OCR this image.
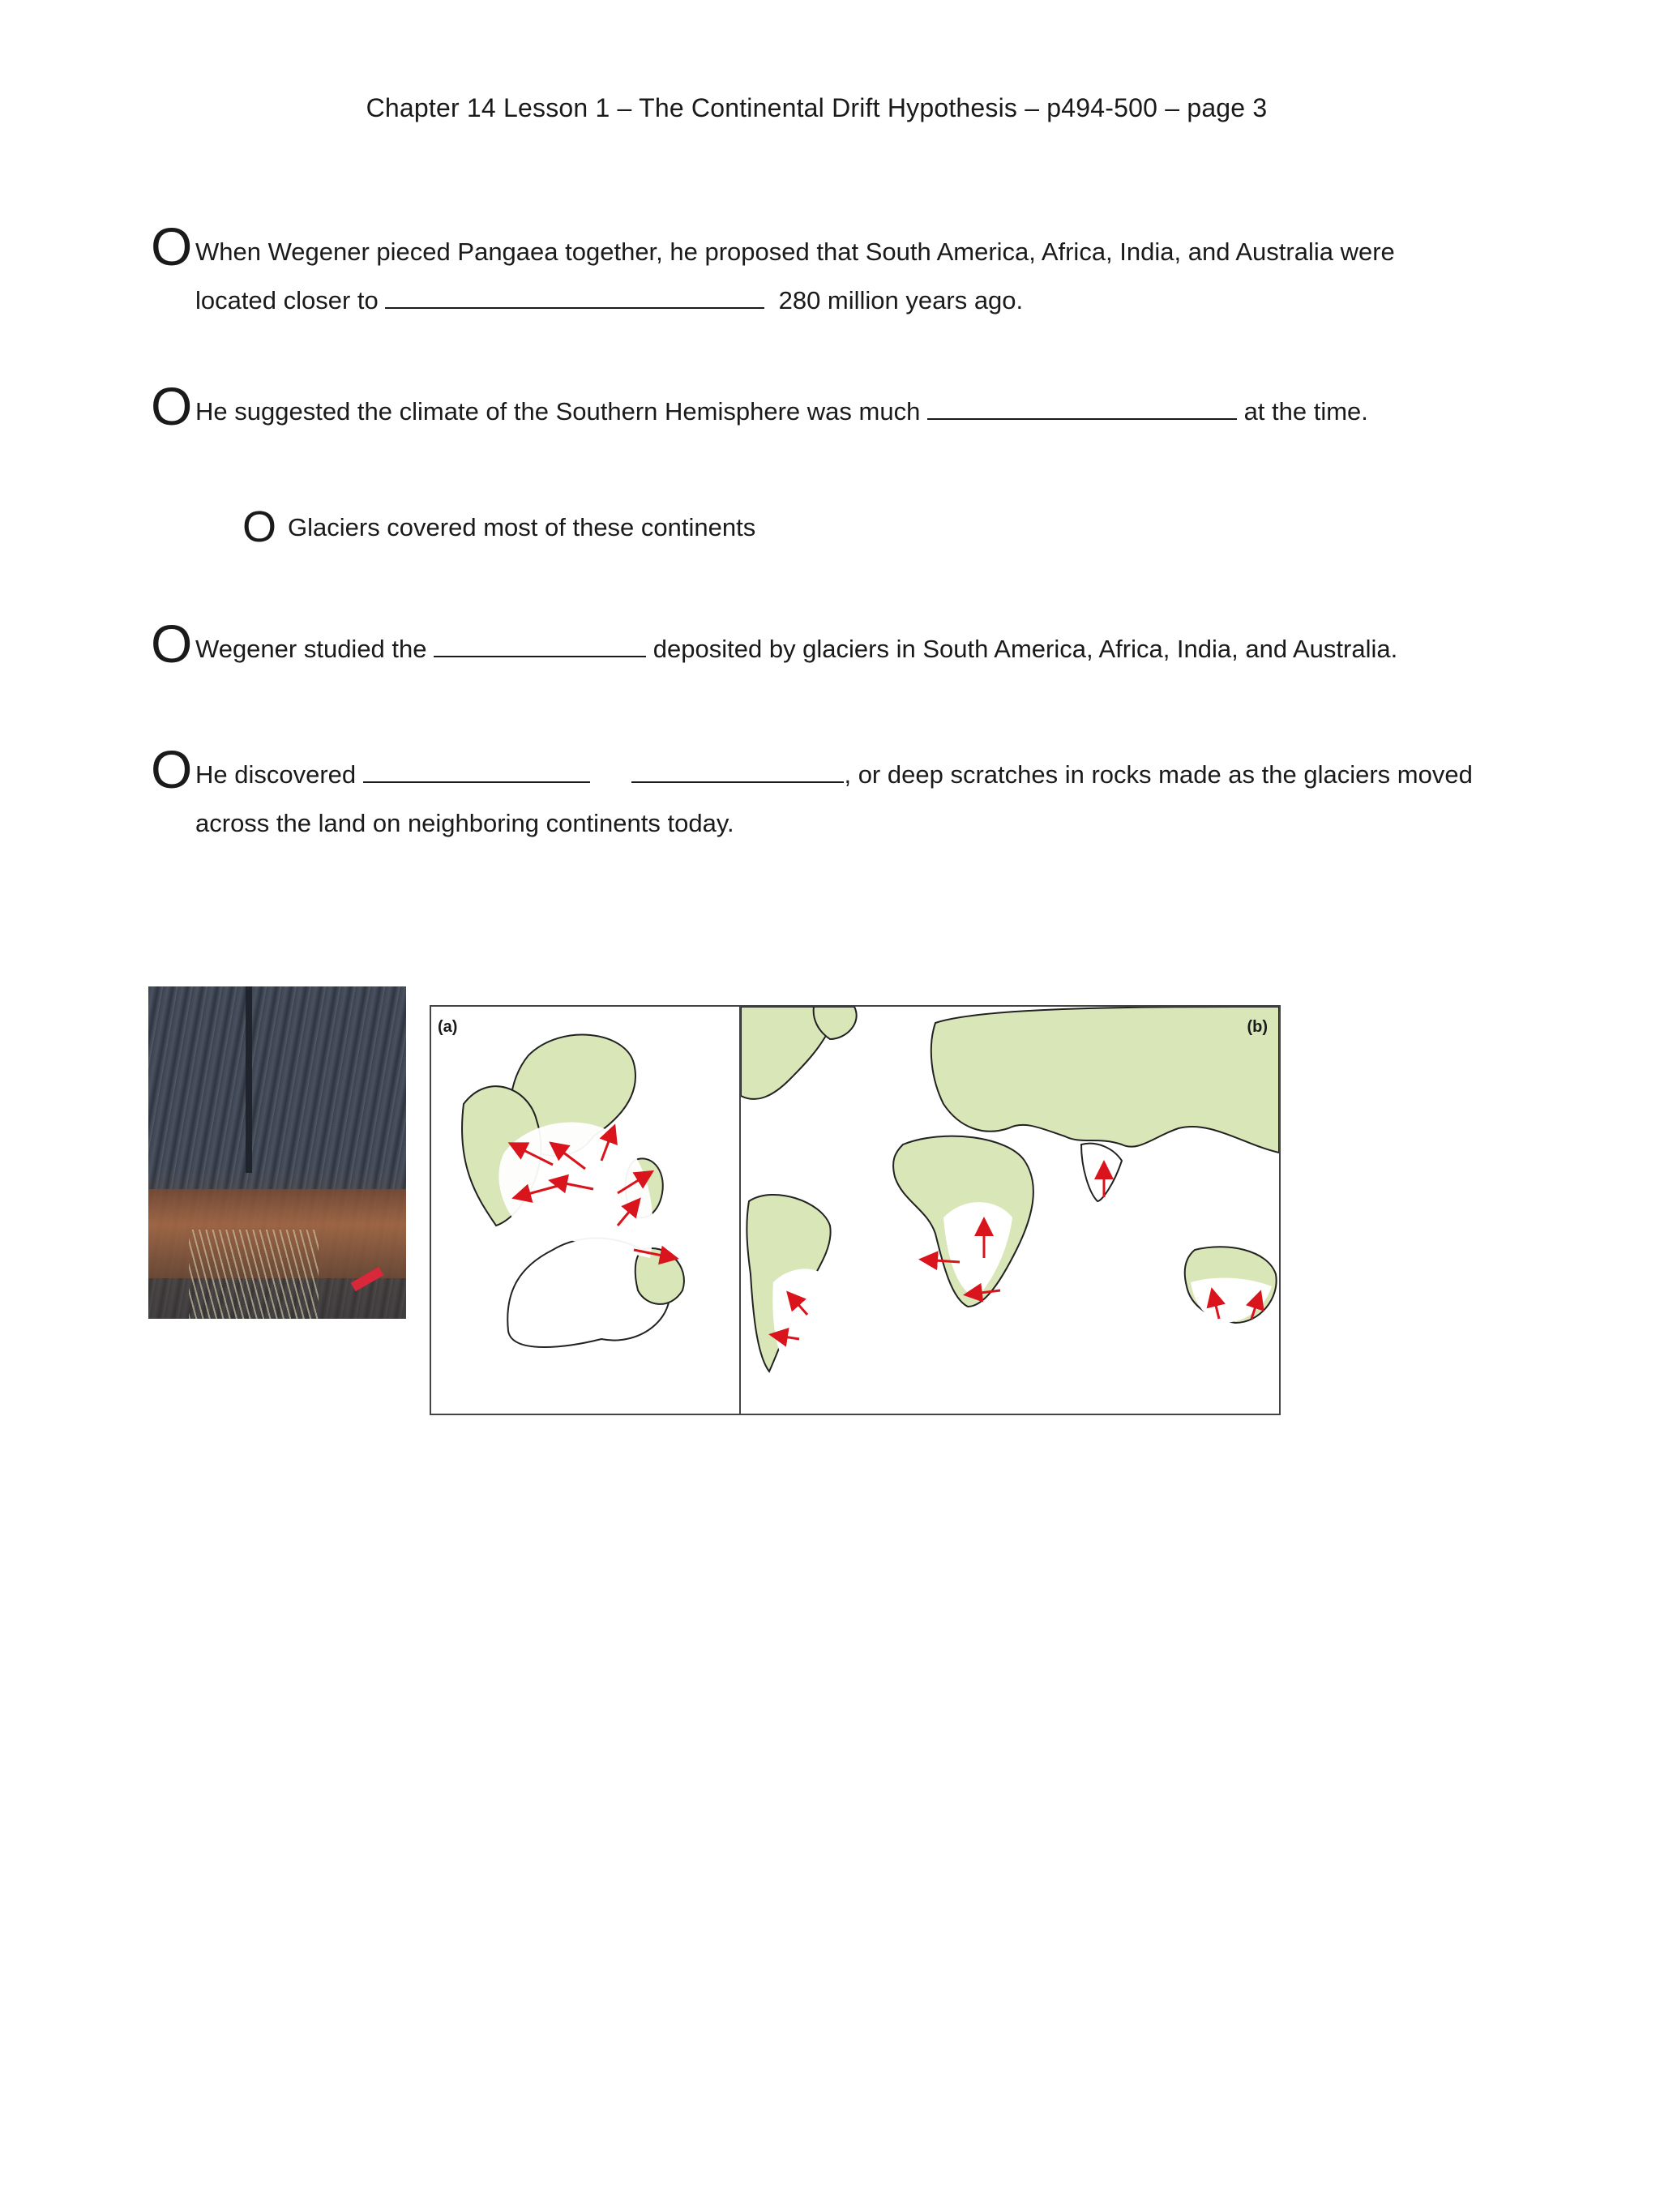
Chapter 14 Lesson 1 – The Continental Drift Hypothesis – p494-500 – page 3
O When Wegener pieced Pangaea together, he proposed that South America, Africa, India, and Australia were
located closer to	280 million years ago.
O He suggested the climate of the Southern Hemisphere was much	at the time.
O Glaciers covered most of these continents
O Wegener studied the	deposited by glaciers in South America, Africa, India, and Australia.
O He discovered	, or deep scratches in rocks made as the glaciers moved
across the land on neighboring continents today.
(a)	(b)
